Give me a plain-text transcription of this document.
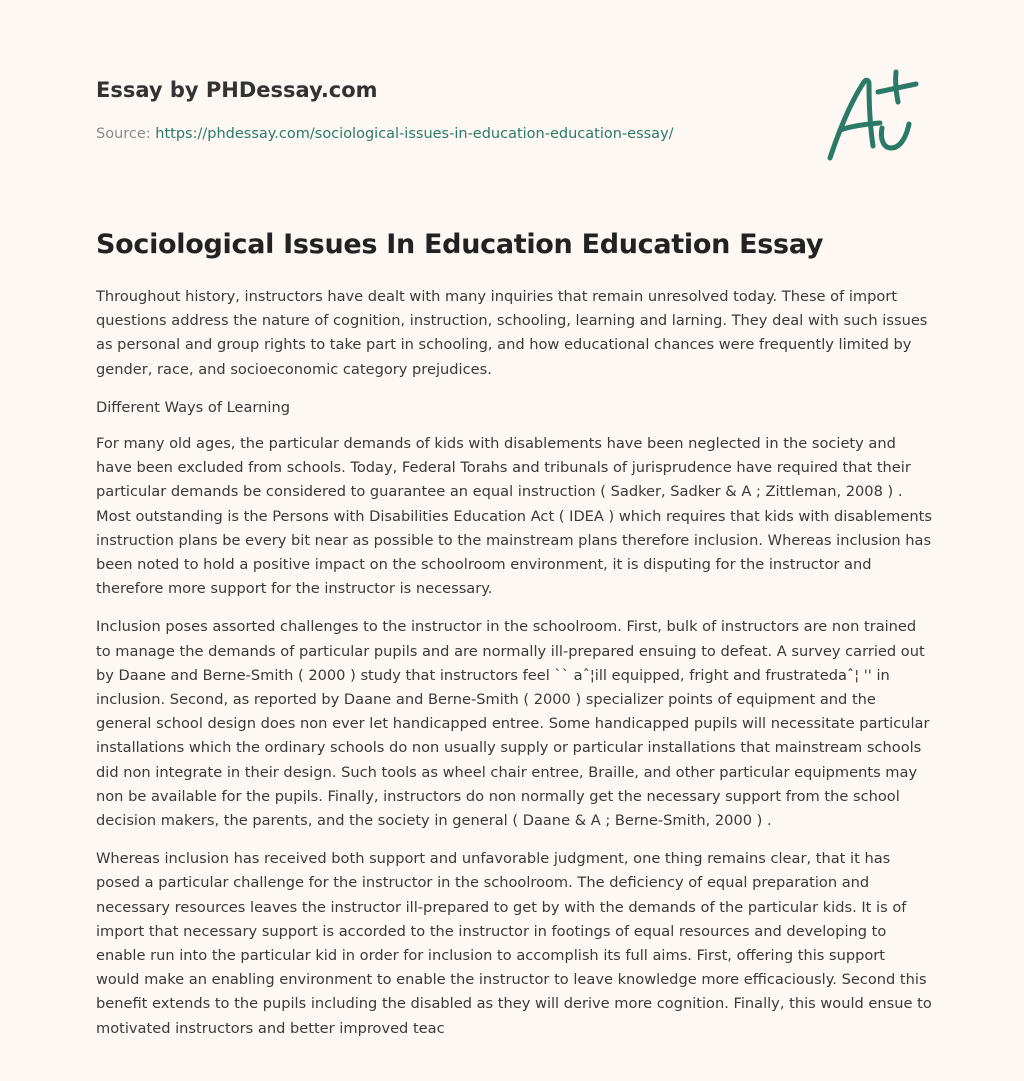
Essay by PHDessay.com
Source: https://phdessay.com/sociological-issues-in-education-education-essay/
Sociological Issues In Education Education Essay

Throughout history, instructors have dealt with many inquiries that remain unresolved today. These of import questions address the nature of cognition, instruction, schooling, learning and larning. They deal with such issues as personal and group rights to take part in schooling, and how educational chances were frequently limited by gender, race, and socioeconomic category prejudices.

Different Ways of Learning

For many old ages, the particular demands of kids with disablements have been neglected in the society and have been excluded from schools. Today, Federal Torahs and tribunals of jurisprudence have required that their particular demands be considered to guarantee an equal instruction ( Sadker, Sadker & A ; Zittleman, 2008 ) . Most outstanding is the Persons with Disabilities Education Act ( IDEA ) which requires that kids with disablements instruction plans be every bit near as possible to the mainstream plans therefore inclusion. Whereas inclusion has been noted to hold a positive impact on the schoolroom environment, it is disputing for the instructor and therefore more support for the instructor is necessary.

Inclusion poses assorted challenges to the instructor in the schoolroom. First, bulk of instructors are non trained to manage the demands of particular pupils and are normally ill-prepared ensuing to defeat. A survey carried out by Daane and Berne-Smith ( 2000 ) study that instructors feel `` aˆ¦ill equipped, fright and frustratedaˆ¦ '' in inclusion. Second, as reported by Daane and Berne-Smith ( 2000 ) specializer points of equipment and the general school design does non ever let handicapped entree. Some handicapped pupils will necessitate particular installations which the ordinary schools do non usually supply or particular installations that mainstream schools did non integrate in their design. Such tools as wheel chair entree, Braille, and other particular equipments may non be available for the pupils. Finally, instructors do non normally get the necessary support from the school decision makers, the parents, and the society in general ( Daane & A ; Berne-Smith, 2000 ) .

Whereas inclusion has received both support and unfavorable judgment, one thing remains clear, that it has posed a particular challenge for the instructor in the schoolroom. The deficiency of equal preparation and necessary resources leaves the instructor ill-prepared to get by with the demands of the particular kids. It is of import that necessary support is accorded to the instructor in footings of equal resources and developing to enable run into the particular kid in order for inclusion to accomplish its full aims. First, offering this support would make an enabling environment to enable the instructor to leave knowledge more efficaciously. Second this benefit extends to the pupils including the disabled as they will derive more cognition. Finally, this would ensue to motivated instructors and better improved teac
